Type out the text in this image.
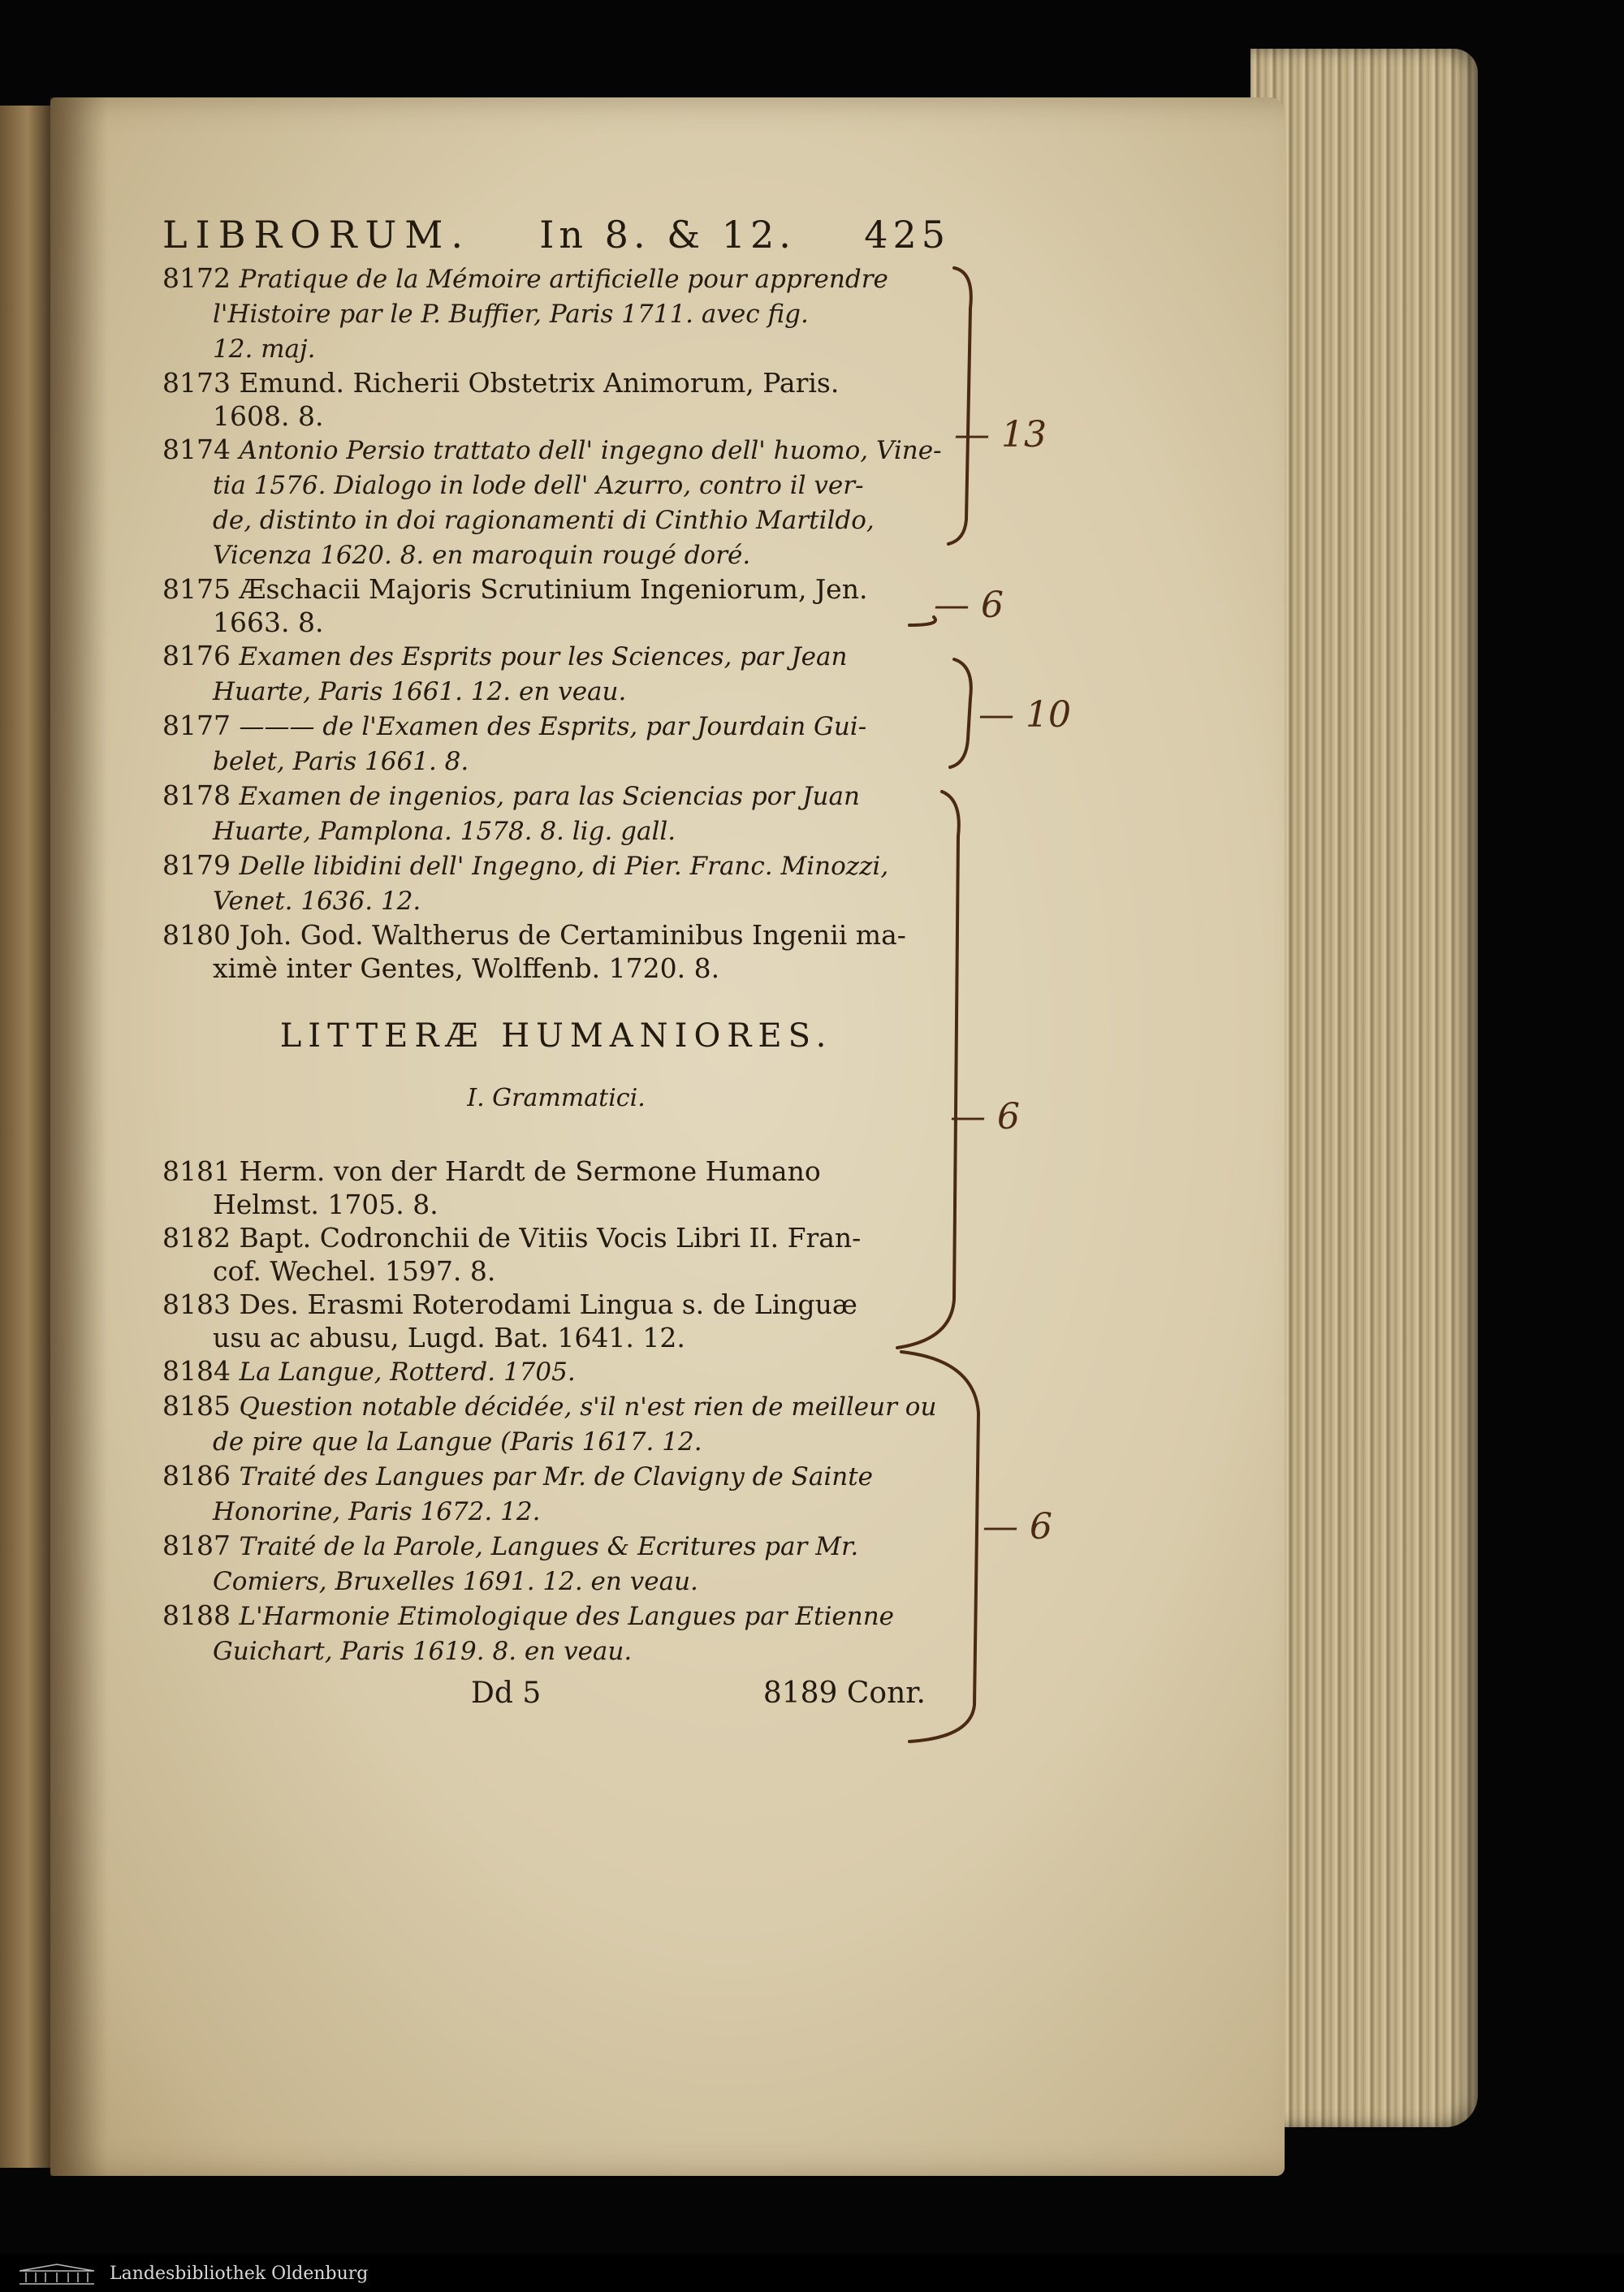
LIBRORUM. In 8. & 12. 425
8172 Pratique de la Mémoire artificielle pour apprendre
l'Histoire par le P. Buffier, Paris 1711. avec fig.
12. maj.
8173 Emund. Richerii Obstetrix Animorum, Paris.
1608. 8.
8174 Antonio Persio trattato dell' ingegno dell' huomo, Vine-
tia 1576. Dialogo in lode dell' Azurro, contro il ver-
de, distinto in doi ragionamenti di Cinthio Martildo,
Vicenza 1620. 8. en maroquin rougé doré.
8175 Æschacii Majoris Scrutinium Ingeniorum, Jen.
1663. 8.
8176 Examen des Esprits pour les Sciences, par Jean
Huarte, Paris 1661. 12. en veau.
8177 ——— de l'Examen des Esprits, par Jourdain Gui-
belet, Paris 1661. 8.
8178 Examen de ingenios, para las Sciencias por Juan
Huarte, Pamplona. 1578. 8. lig. gall.
8179 Delle libidini dell' Ingegno, di Pier. Franc. Minozzi,
Venet. 1636. 12.
8180 Joh. God. Waltherus de Certaminibus Ingenii ma-
ximè inter Gentes, Wolffenb. 1720. 8.
LITTERÆ HUMANIORES.
I. Grammatici.
8181 Herm. von der Hardt de Sermone Humano
Helmst. 1705. 8.
8182 Bapt. Codronchii de Vitiis Vocis Libri II. Fran-
cof. Wechel. 1597. 8.
8183 Des. Erasmi Roterodami Lingua s. de Linguæ
usu ac abusu, Lugd. Bat. 1641. 12.
8184 La Langue, Rotterd. 1705.
8185 Question notable décidée, s'il n'est rien de meilleur ou
de pire que la Langue (Paris 1617. 12.
8186 Traité des Langues par Mr. de Clavigny de Sainte
Honorine, Paris 1672. 12.
8187 Traité de la Parole, Langues & Ecritures par Mr.
Comiers, Bruxelles 1691. 12. en veau.
8188 L'Harmonie Etimologique des Langues par Etienne
Guichart, Paris 1619. 8. en veau.
Dd 5	8189 Conr.
— 13
— 6
— 10
— 6
— 6
Landesbibliothek Oldenburg
